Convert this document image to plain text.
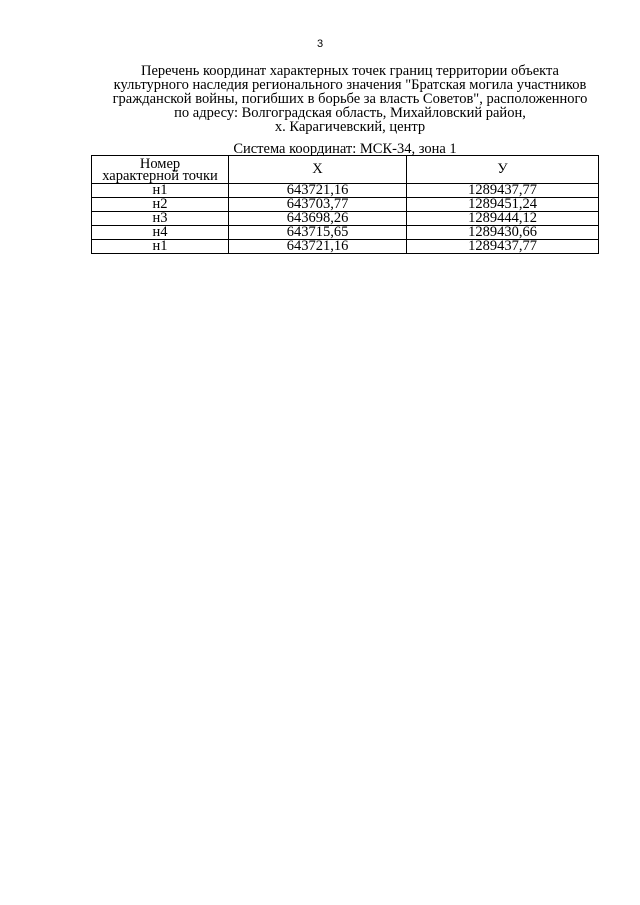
3
Перечень координат характерных точек границ территории объекта
культурного наследия регионального значения "Братская могила участников
гражданской войны, погибших в борьбе за власть Советов", расположенного
по адресу: Волгоградская область, Михайловский район,
х. Карагичевский, центр
Система координат: МСК-34, зона 1
Номер
характерной точки	X	У
н1	643721,16	1289437,77
н2	643703,77	1289451,24
н3	643698,26	1289444,12
н4	643715,65	1289430,66
н1	643721,16	1289437,77
